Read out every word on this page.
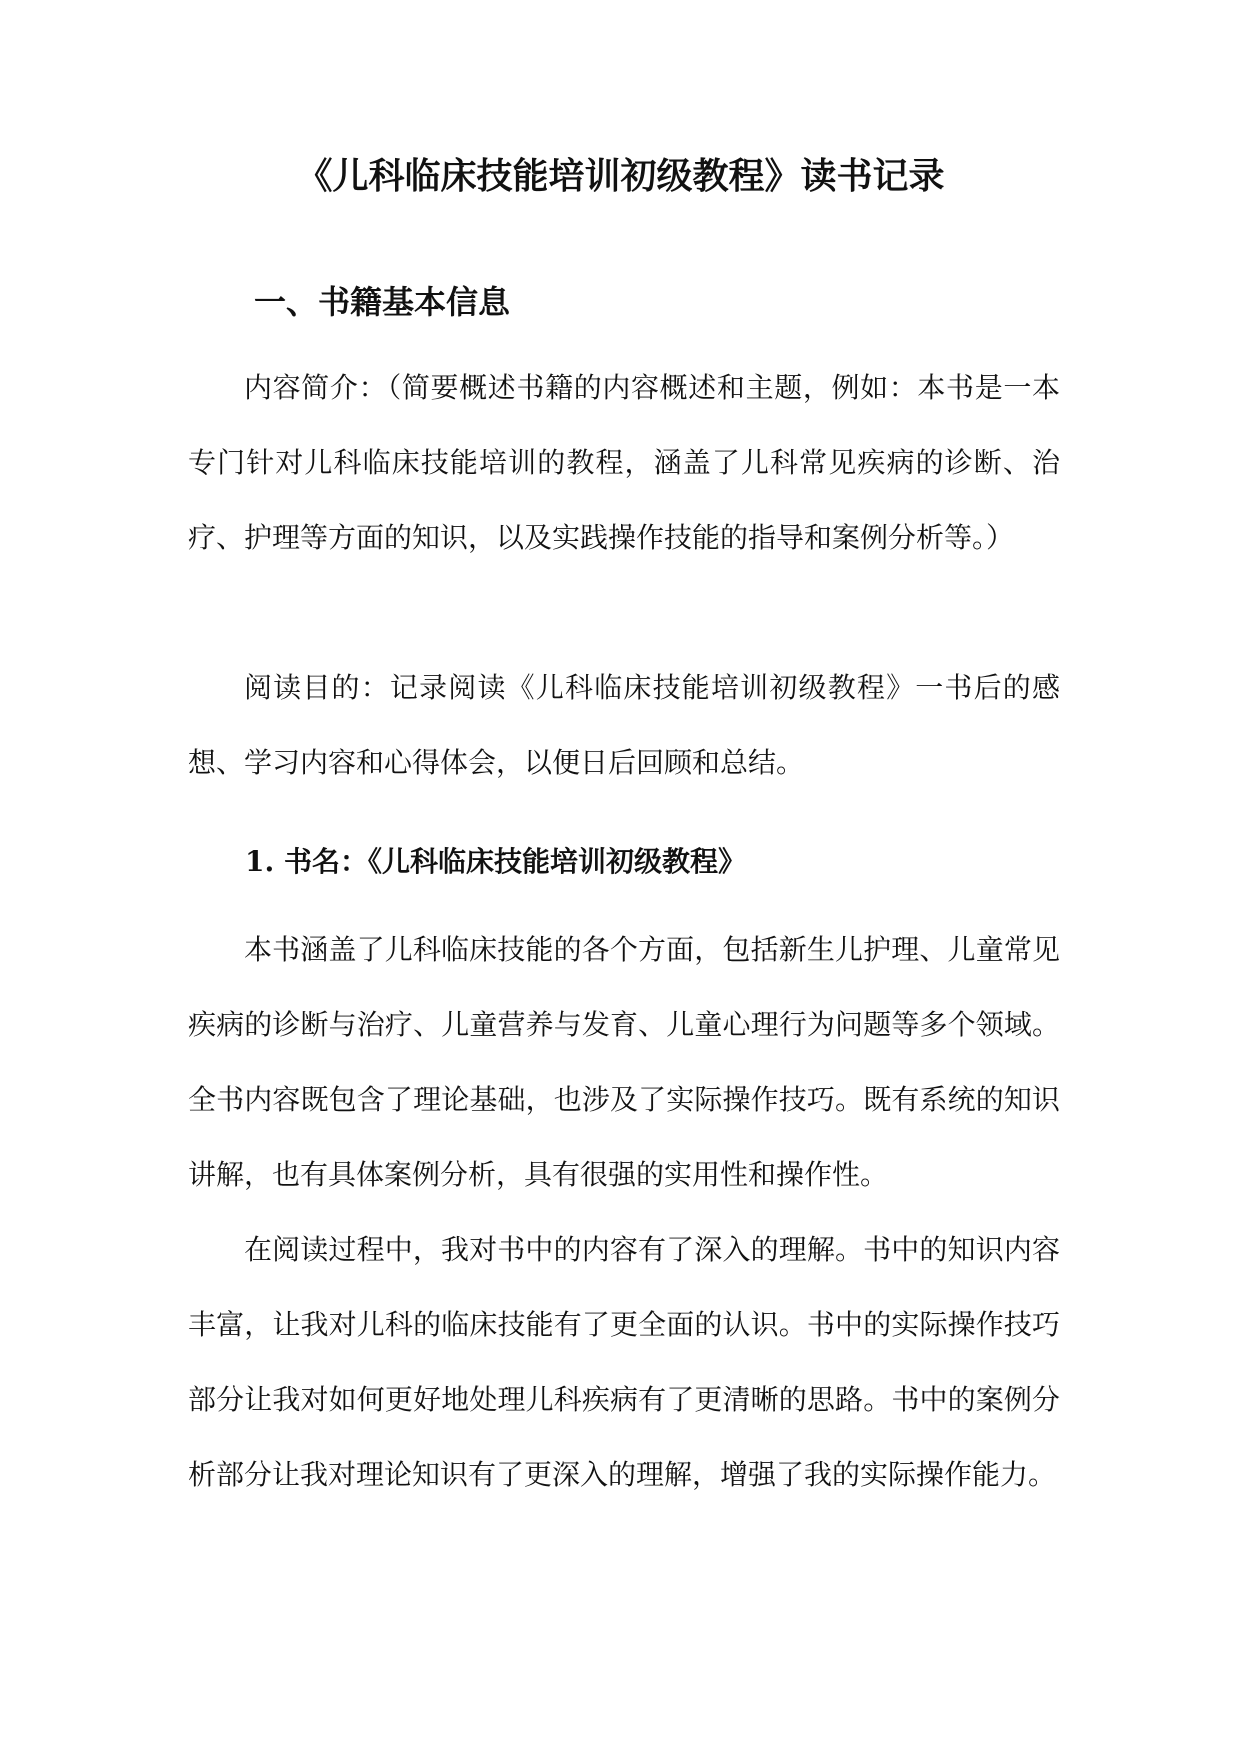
《儿科临床技能培训初级教程》读书记录
一、书籍基本信息

内容简介：（简要概述书籍的内容概述和主题，例如：本书是一本专门针对儿科临床技能培训的教程，涵盖了儿科常见疾病的诊断、治疗、护理等方面的知识，以及实践操作技能的指导和案例分析等。）

阅读目的：记录阅读《儿科临床技能培训初级教程》一书后的感想、学习内容和心得体会，以便日后回顾和总结。

1. 书名：《儿科临床技能培训初级教程》

本书涵盖了儿科临床技能的各个方面，包括新生儿护理、儿童常见疾病的诊断与治疗、儿童营养与发育、儿童心理行为问题等多个领域。全书内容既包含了理论基础，也涉及了实际操作技巧。既有系统的知识讲解，也有具体案例分析，具有很强的实用性和操作性。

在阅读过程中，我对书中的内容有了深入的理解。书中的知识内容丰富，让我对儿科的临床技能有了更全面的认识。书中的实际操作技巧部分让我对如何更好地处理儿科疾病有了更清晰的思路。书中的案例分析部分让我对理论知识有了更深入的理解，增强了我的实际操作能力。
